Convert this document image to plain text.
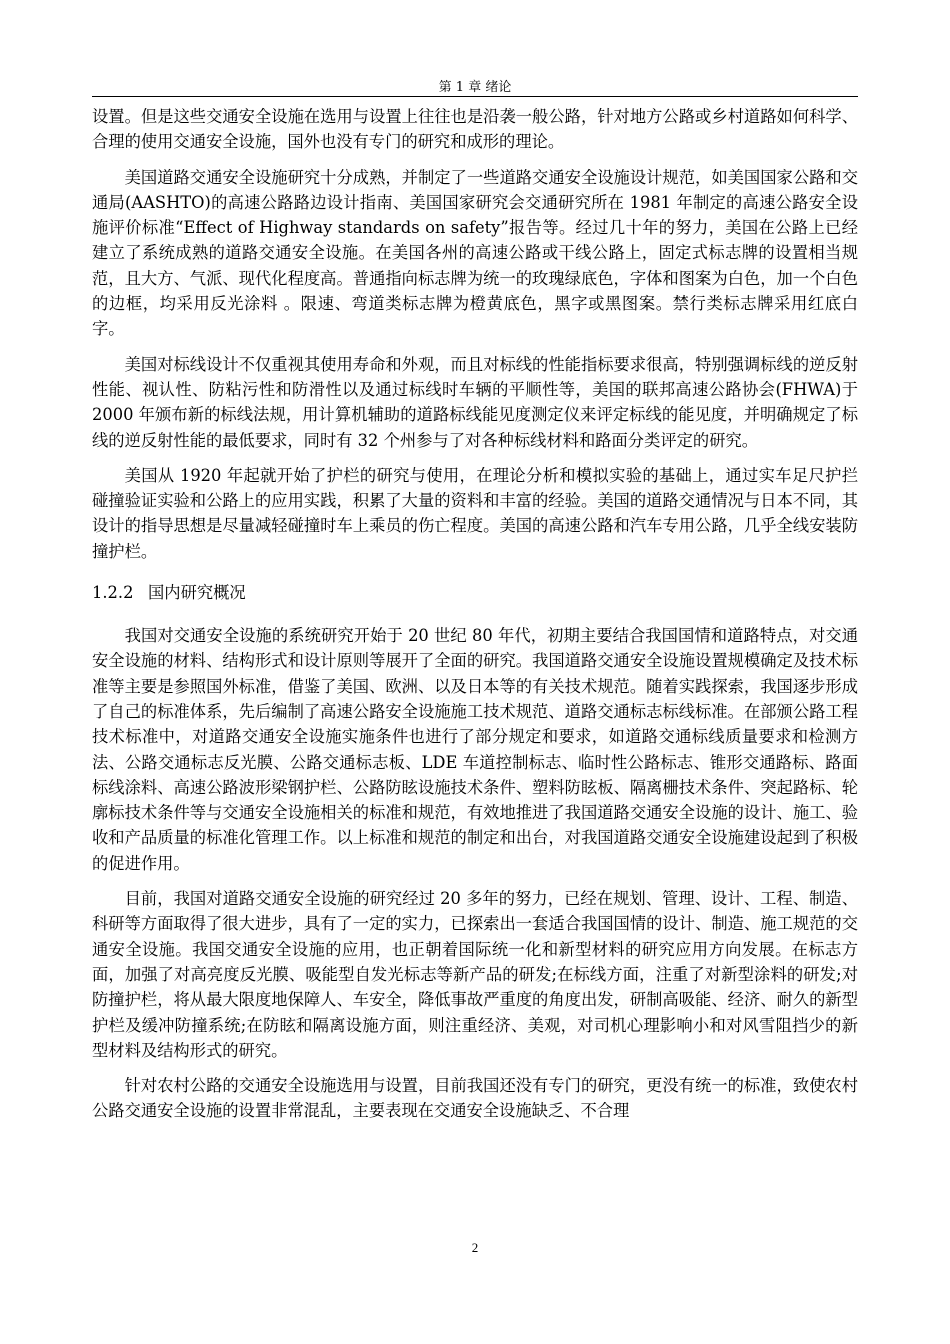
第 1 章 绪论

设置。但是这些交通安全设施在选用与设置上往往也是沿袭一般公路，针对地方公路或乡村道路如何科学、合理的使用交通安全设施，国外也没有专门的研究和成形的理论。

美国道路交通安全设施研究十分成熟，并制定了一些道路交通安全设施设计规范，如美国国家公路和交通局(AASHTO)的高速公路路边设计指南、美国国家研究会交通研究所在 1981 年制定的高速公路安全设施评价标准“Effect of Highway standards on safety”报告等。经过几十年的努力，美国在公路上已经建立了系统成熟的道路交通安全设施。在美国各州的高速公路或干线公路上，固定式标志牌的设置相当规范，且大方、气派、现代化程度高。普通指向标志牌为统一的玫瑰绿底色，字体和图案为白色，加一个白色的边框，均采用反光涂料 。限速、弯道类标志牌为橙黄底色，黑字或黑图案。禁行类标志牌采用红底白字。

美国对标线设计不仅重视其使用寿命和外观，而且对标线的性能指标要求很高，特别强调标线的逆反射性能、视认性、防粘污性和防滑性以及通过标线时车辆的平顺性等，美国的联邦高速公路协会(FHWA)于 2000 年颁布新的标线法规，用计算机辅助的道路标线能见度测定仪来评定标线的能见度，并明确规定了标线的逆反射性能的最低要求，同时有 32 个州参与了对各种标线材料和路面分类评定的研究。

美国从 1920 年起就开始了护栏的研究与使用，在理论分析和模拟实验的基础上，通过实车足尺护拦碰撞验证实验和公路上的应用实践，积累了大量的资料和丰富的经验。美国的道路交通情况与日本不同，其设计的指导思想是尽量减轻碰撞时车上乘员的伤亡程度。美国的高速公路和汽车专用公路，几乎全线安装防撞护栏。

1.2.2 国内研究概况

我国对交通安全设施的系统研究开始于 20 世纪 80 年代，初期主要结合我国国情和道路特点，对交通安全设施的材料、结构形式和设计原则等展开了全面的研究。我国道路交通安全设施设置规模确定及技术标准等主要是参照国外标准，借鉴了美国、欧洲、以及日本等的有关技术规范。随着实践探索，我国逐步形成了自己的标准体系，先后编制了高速公路安全设施施工技术规范、道路交通标志标线标准。在部颁公路工程技术标准中，对道路交通安全设施实施条件也进行了部分规定和要求，如道路交通标线质量要求和检测方法、公路交通标志反光膜、公路交通标志板、LDE 车道控制标志、临时性公路标志、锥形交通路标、路面标线涂料、高速公路波形梁钢护栏、公路防眩设施技术条件、塑料防眩板、隔离栅技术条件、突起路标、轮廓标技术条件等与交通安全设施相关的标准和规范，有效地推进了我国道路交通安全设施的设计、施工、验收和产品质量的标准化管理工作。以上标准和规范的制定和出台，对我国道路交通安全设施建设起到了积极的促进作用。

目前，我国对道路交通安全设施的研究经过 20 多年的努力，已经在规划、管理、设计、工程、制造、科研等方面取得了很大进步，具有了一定的实力，已探索出一套适合我国国情的设计、制造、施工规范的交通安全设施。我国交通安全设施的应用，也正朝着国际统一化和新型材料的研究应用方向发展。在标志方面，加强了对高亮度反光膜、吸能型自发光标志等新产品的研发;在标线方面，注重了对新型涂料的研发;对防撞护栏，将从最大限度地保障人、车安全，降低事故严重度的角度出发，研制高吸能、经济、耐久的新型护栏及缓冲防撞系统;在防眩和隔离设施方面，则注重经济、美观，对司机心理影响小和对风雪阻挡少的新型材料及结构形式的研究。

针对农村公路的交通安全设施选用与设置，目前我国还没有专门的研究，更没有统一的标准，致使农村公路交通安全设施的设置非常混乱，主要表现在交通安全设施缺乏、不合理

2
